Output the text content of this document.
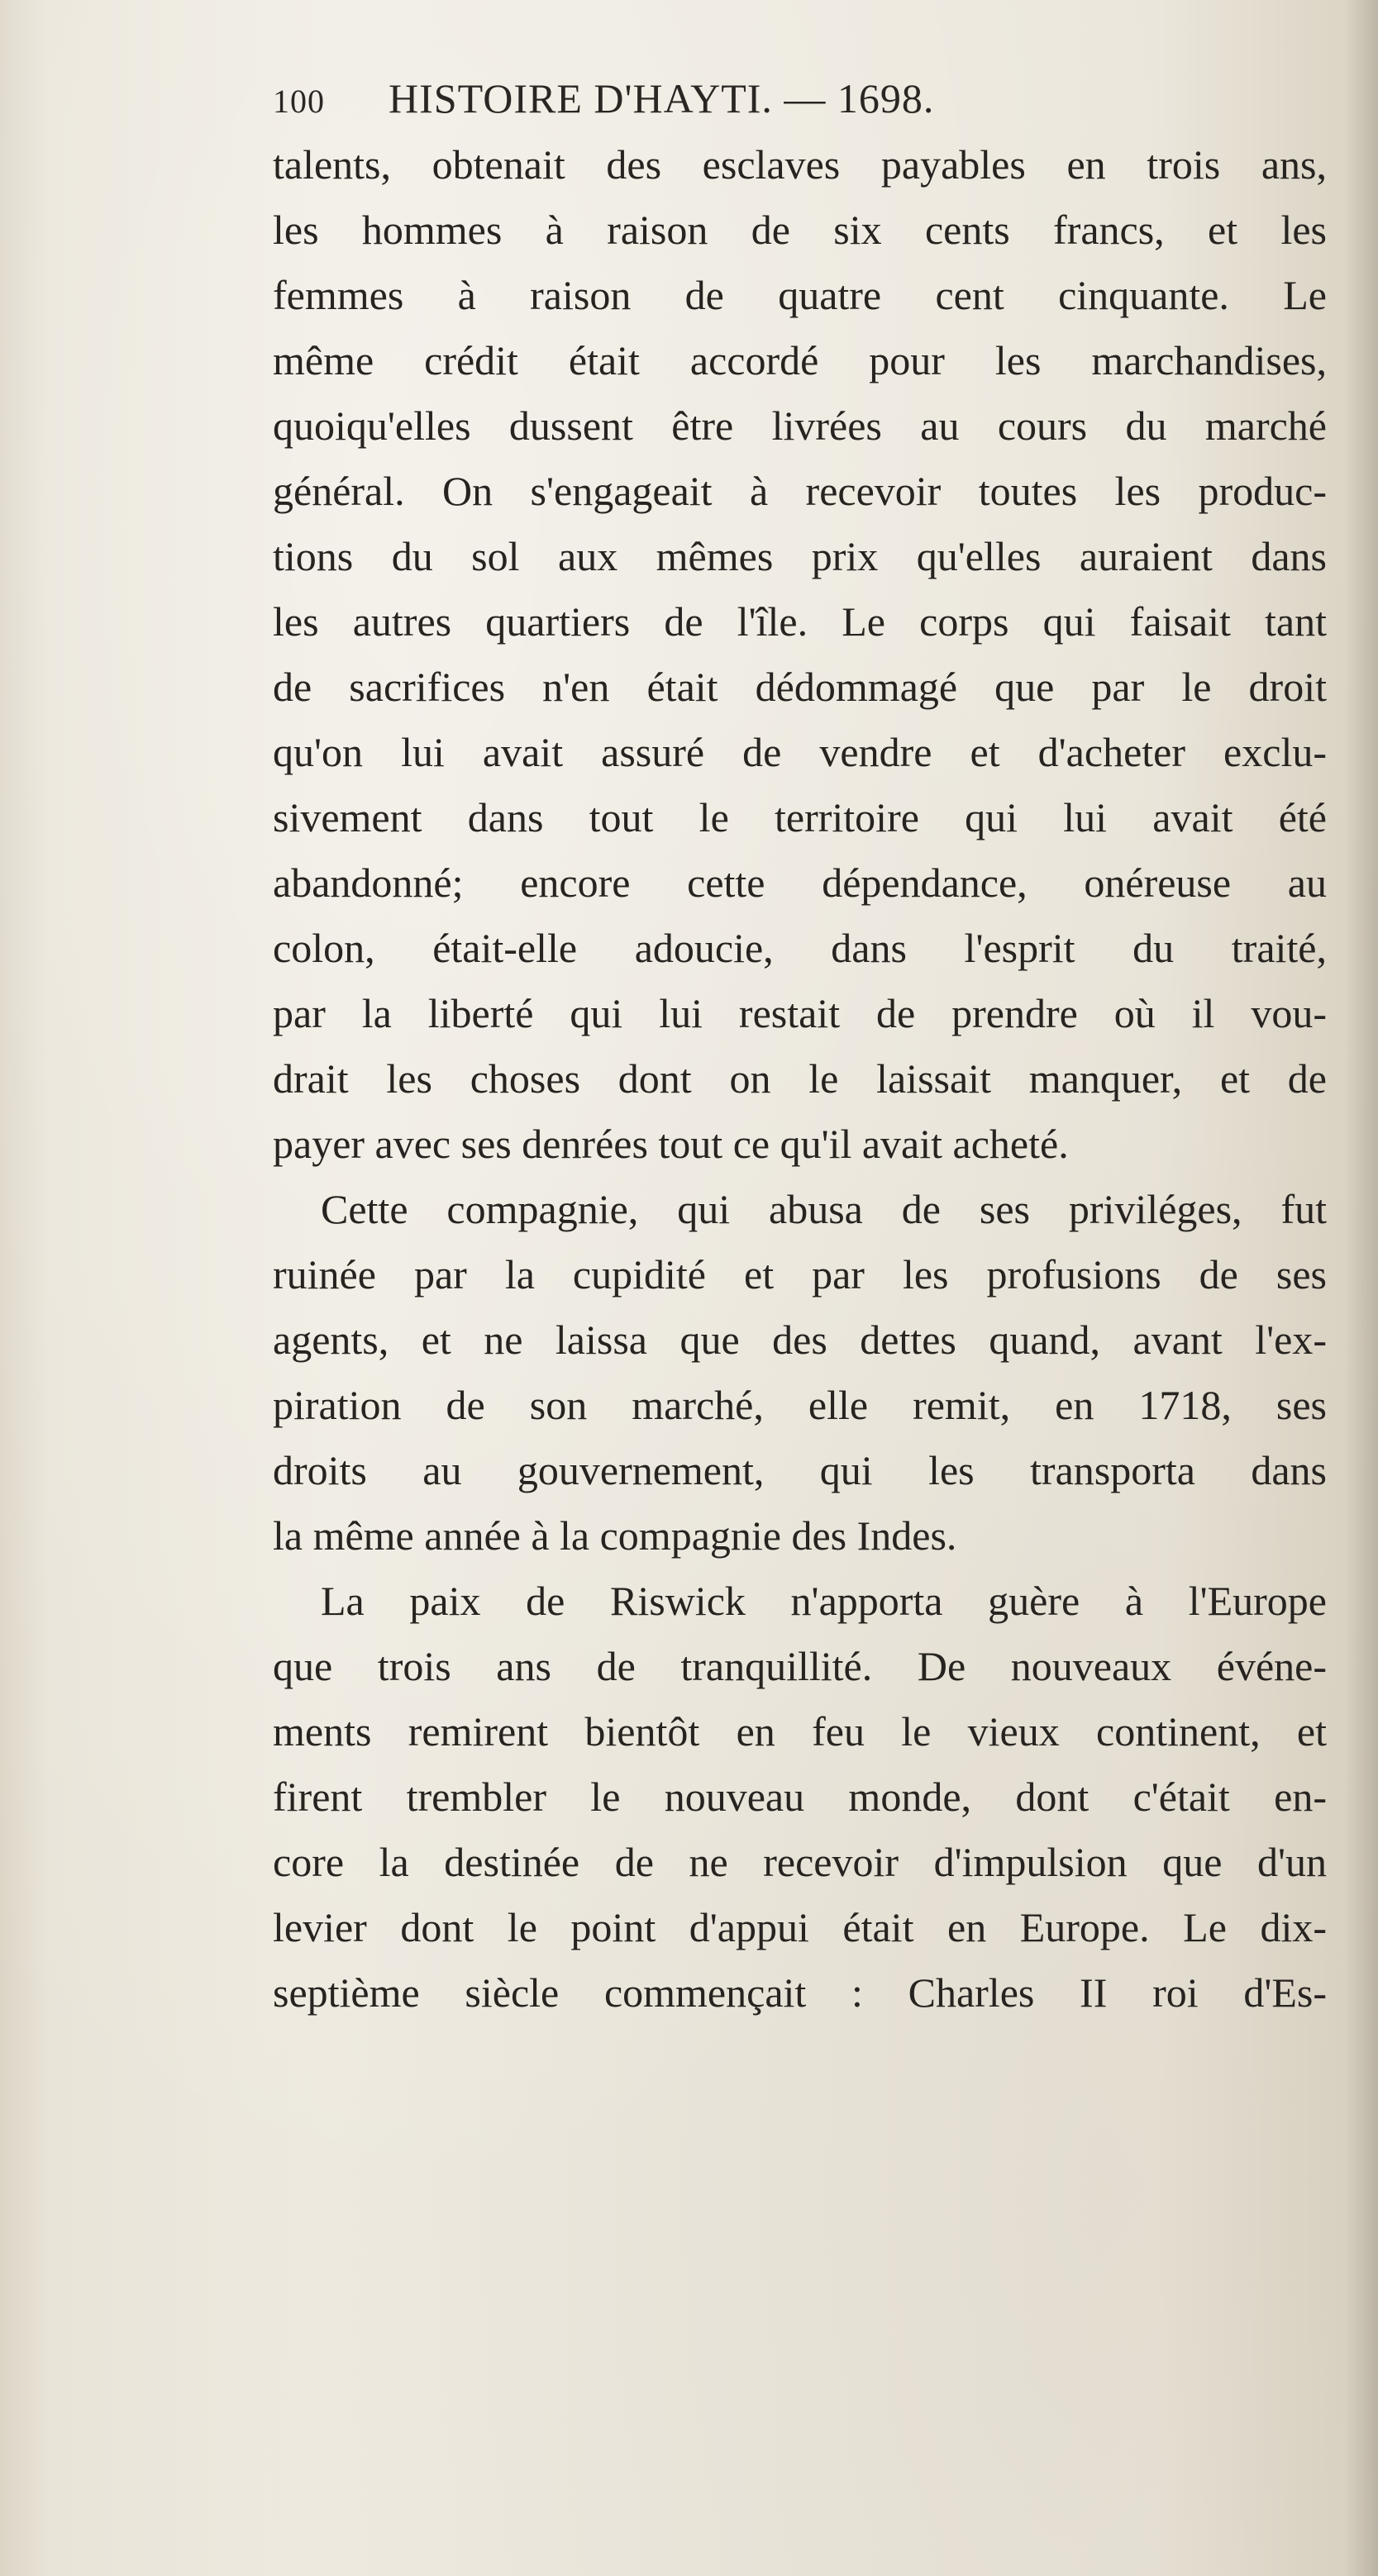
100	HISTOIRE D'HAYTI. — 1698.
talents, obtenait des esclaves payables en trois ans,
les hommes à raison de six cents francs, et les
femmes à raison de quatre cent cinquante. Le
même crédit était accordé pour les marchandises,
quoiqu'elles dussent être livrées au cours du marché
général. On s'engageait à recevoir toutes les produc-
tions du sol aux mêmes prix qu'elles auraient dans
les autres quartiers de l'île. Le corps qui faisait tant
de sacrifices n'en était dédommagé que par le droit
qu'on lui avait assuré de vendre et d'acheter exclu-
sivement dans tout le territoire qui lui avait été
abandonné; encore cette dépendance, onéreuse au
colon, était-elle adoucie, dans l'esprit du traité,
par la liberté qui lui restait de prendre où il vou-
drait les choses dont on le laissait manquer, et de
payer avec ses denrées tout ce qu'il avait acheté.
Cette compagnie, qui abusa de ses priviléges, fut
ruinée par la cupidité et par les profusions de ses
agents, et ne laissa que des dettes quand, avant l'ex-
piration de son marché, elle remit, en 1718, ses
droits au gouvernement, qui les transporta dans
la même année à la compagnie des Indes.
La paix de Riswick n'apporta guère à l'Europe
que trois ans de tranquillité. De nouveaux événe-
ments remirent bientôt en feu le vieux continent, et
firent trembler le nouveau monde, dont c'était en-
core la destinée de ne recevoir d'impulsion que d'un
levier dont le point d'appui était en Europe. Le dix-
septième siècle commençait : Charles II roi d'Es-
